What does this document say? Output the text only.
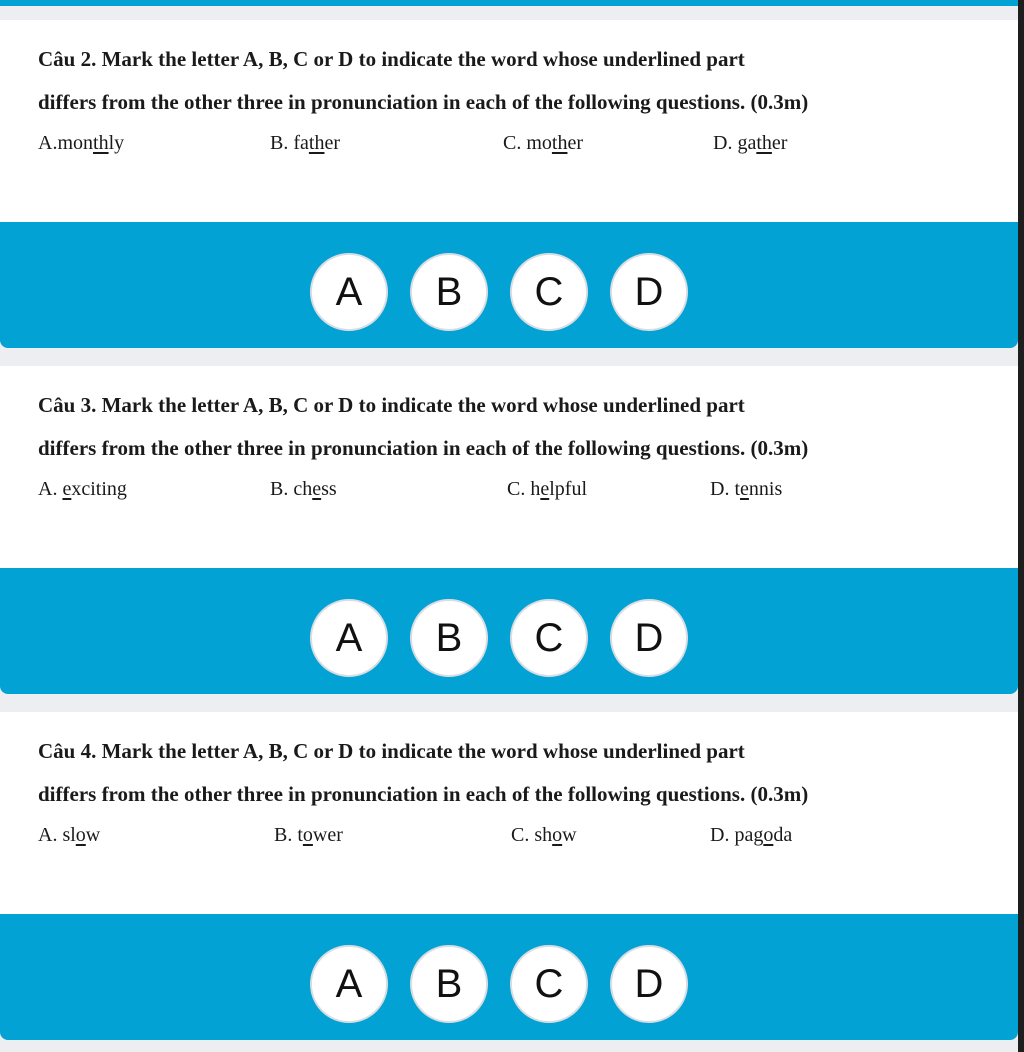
Câu 2. Mark the letter A, B, C or D to indicate the word whose underlined part
differs from the other three in pronunciation in each of the following questions. (0.3m)

A.monthly	B. father	C. mother	D. gather
A	B	C	D

Câu 3. Mark the letter A, B, C or D to indicate the word whose underlined part
differs from the other three in pronunciation in each of the following questions. (0.3m)

A. exciting	B. chess	C. helpful	D. tennis
A	B	C	D

Câu 4. Mark the letter A, B, C or D to indicate the word whose underlined part
differs from the other three in pronunciation in each of the following questions. (0.3m)

A. slow	B. tower	C. show	D. pagoda
A	B	C	D
